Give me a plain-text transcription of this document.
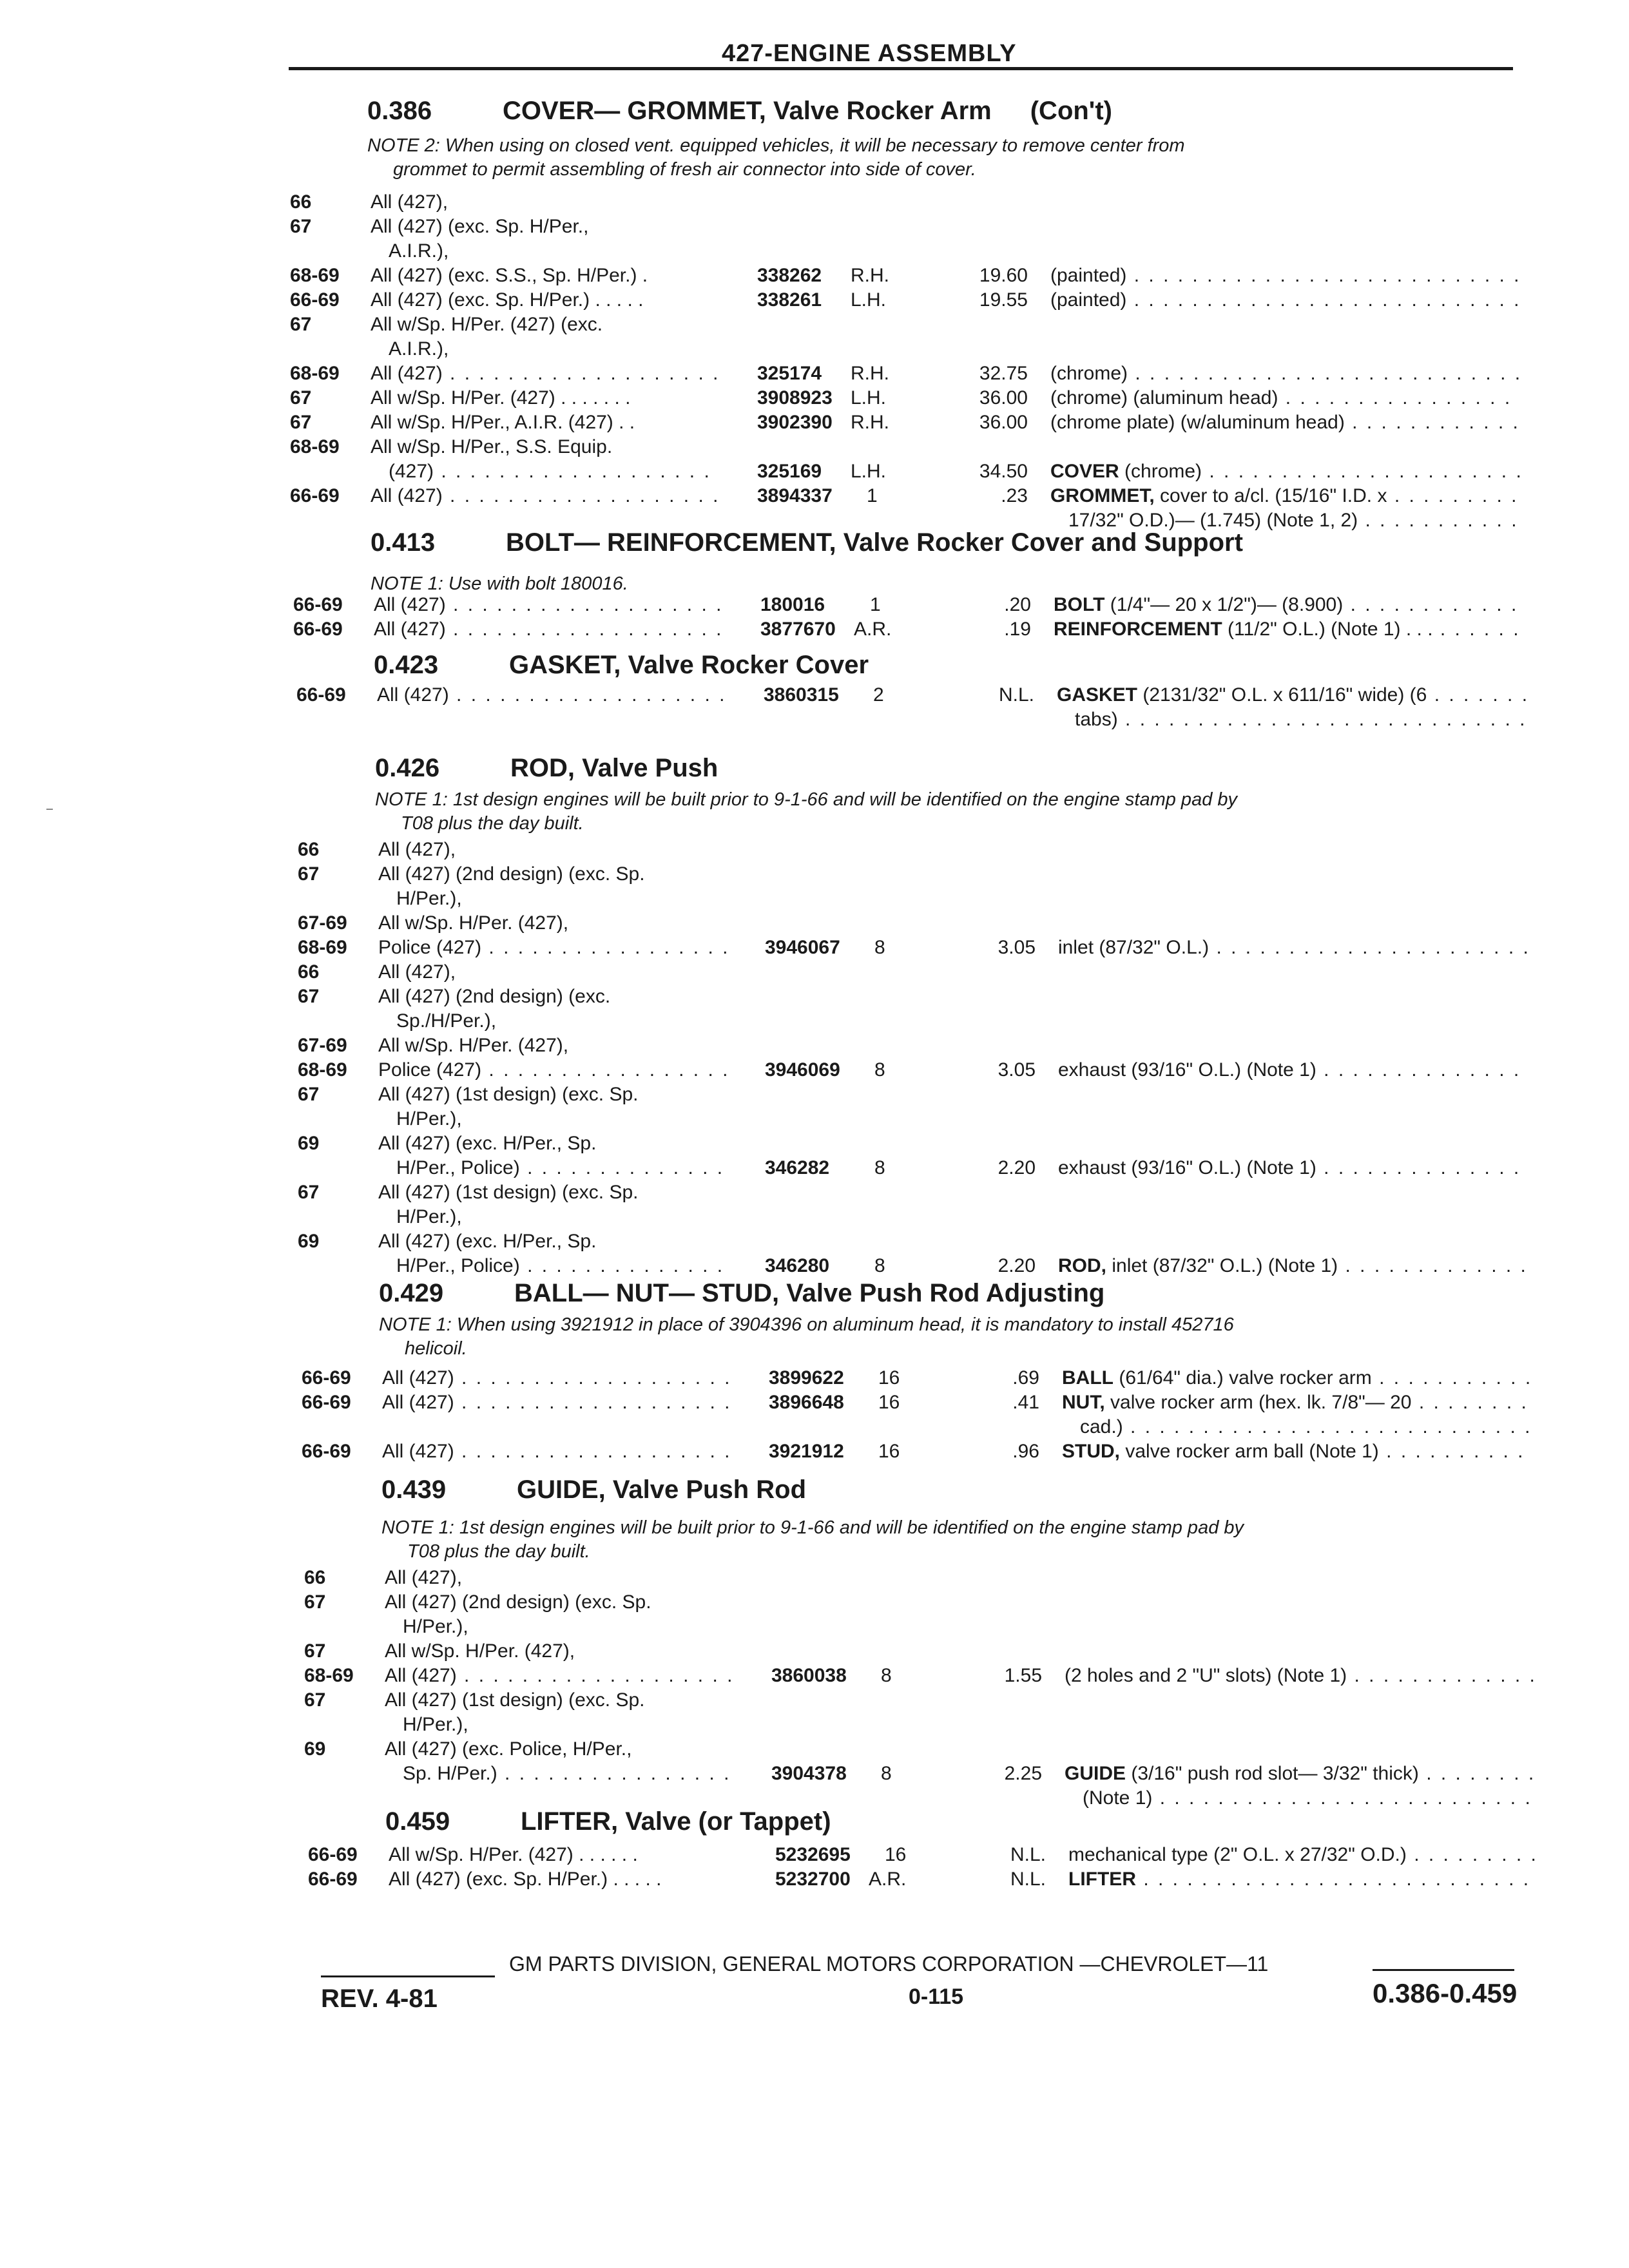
427-ENGINE ASSEMBLY
0.386	COVER— GROMMET, Valve Rocker Arm (Con't)
NOTE 2: When using on closed vent. equipped vehicles, it will be necessary to remove center from
grommet to permit assembling of fresh air connector into side of cover.
66	All (427),
67	All (427) (exc. Sp. H/Per.,
A.I.R.),
68-69 All (427) (exc. S.S., Sp. H/Per.) .	338262 R.H.	19.60 (painted) . . .
66-69 All (427) (exc. Sp. H/Per.) . . . . .	338261 L.H.	19.55 (painted) . . .
67	All w/Sp. H/Per. (427) (exc.
A.I.R.),
68-69 All (427) . . .	325174 R.H.	32.75 (chrome) . . .
67	All w/Sp. H/Per. (427) . . . . . . .	3908923 L.H.	36.00 (chrome) (aluminum head) . . .
67	All w/Sp. H/Per., A.I.R. (427) . .	3902390 R.H.	36.00 (chrome plate) (w/aluminum head) . . .
68-69 All w/Sp. H/Per., S.S. Equip.
(427) . . .	325169 L.H.	34.50 COVER (chrome) . . .
66-69 All (427) . . .	3894337 1	.23 GROMMET, cover to a/cl. (15/16" I.D. x . . .
17/32" O.D.)— (1.745) (Note 1, 2) . . .
0.413	BOLT— REINFORCEMENT, Valve Rocker Cover and Support
NOTE 1: Use with bolt 180016.
66-69 All (427) . . .	180016 1	.20 BOLT (1/4"— 20 x 1/2")— (8.900) . . .
66-69 All (427) . . .	3877670 A.R.	.19 REINFORCEMENT (11/2" O.L.) (Note 1) . . . . . .
0.423	GASKET, Valve Rocker Cover
66-69 All (427) . . .	3860315 2	N.L. GASKET (2131/32" O.L. x 611/16" wide) (6 . . .
tabs) . . .
0.426	ROD, Valve Push
NOTE 1: 1st design engines will be built prior to 9-1-66 and will be identified on the engine stamp pad by
T08 plus the day built.
66	All (427),
67	All (427) (2nd design) (exc. Sp.
H/Per.),
67-69 All w/Sp. H/Per. (427),
68-69 Police (427) . . .	3946067 8	3.05 inlet (87/32" O.L.) . . .
66	All (427),
67	All (427) (2nd design) (exc.
Sp./H/Per.),
67-69 All w/Sp. H/Per. (427),
68-69 Police (427) . . .	3946069 8	3.05 exhaust (93/16" O.L.) (Note 1) . . .
67	All (427) (1st design) (exc. Sp.
H/Per.),
69	All (427) (exc. H/Per., Sp.
H/Per., Police) . . .	346282 8	2.20 exhaust (93/16" O.L.) (Note 1) . . .
67	All (427) (1st design) (exc. Sp.
H/Per.),
69	All (427) (exc. H/Per., Sp.
H/Per., Police) . . .	346280 8	2.20 ROD, inlet (87/32" O.L.) (Note 1) . . .
0.429	BALL— NUT— STUD, Valve Push Rod Adjusting
NOTE 1: When using 3921912 in place of 3904396 on aluminum head, it is mandatory to install 452716
helicoil.
66-69 All (427) . . .	3899622 16	.69 BALL (61/64" dia.) valve rocker arm . . .
66-69 All (427) . . .	3896648 16	.41 NUT, valve rocker arm (hex. lk. 7/8"— 20 . . .
cad.) . . .
66-69 All (427) . . .	3921912 16	.96 STUD, valve rocker arm ball (Note 1) . . .
0.439	GUIDE, Valve Push Rod
NOTE 1: 1st design engines will be built prior to 9-1-66 and will be identified on the engine stamp pad by
T08 plus the day built.
66	All (427),
67	All (427) (2nd design) (exc. Sp.
H/Per.),
67	All w/Sp. H/Per. (427),
68-69 All (427) . . .	3860038 8	1.55 (2 holes and 2 "U" slots) (Note 1) . . .
67	All (427) (1st design) (exc. Sp.
H/Per.),
69	All (427) (exc. Police, H/Per.,
Sp. H/Per.) . . .	3904378 8	2.25 GUIDE (3/16" push rod slot— 3/32" thick) . . .
(Note 1) . . .
0.459	LIFTER, Valve (or Tappet)
66-69 All w/Sp. H/Per. (427) . . . . . .	5232695 16	N.L. mechanical type (2" O.L. x 27/32" O.D.) . . .
66-69 All (427) (exc. Sp. H/Per.) . . . . .	5232700 A.R.	N.L. LIFTER . . .
GM PARTS DIVISION, GENERAL MOTORS CORPORATION —CHEVROLET—11
REV. 4-81	0-115	0.386-0.459
